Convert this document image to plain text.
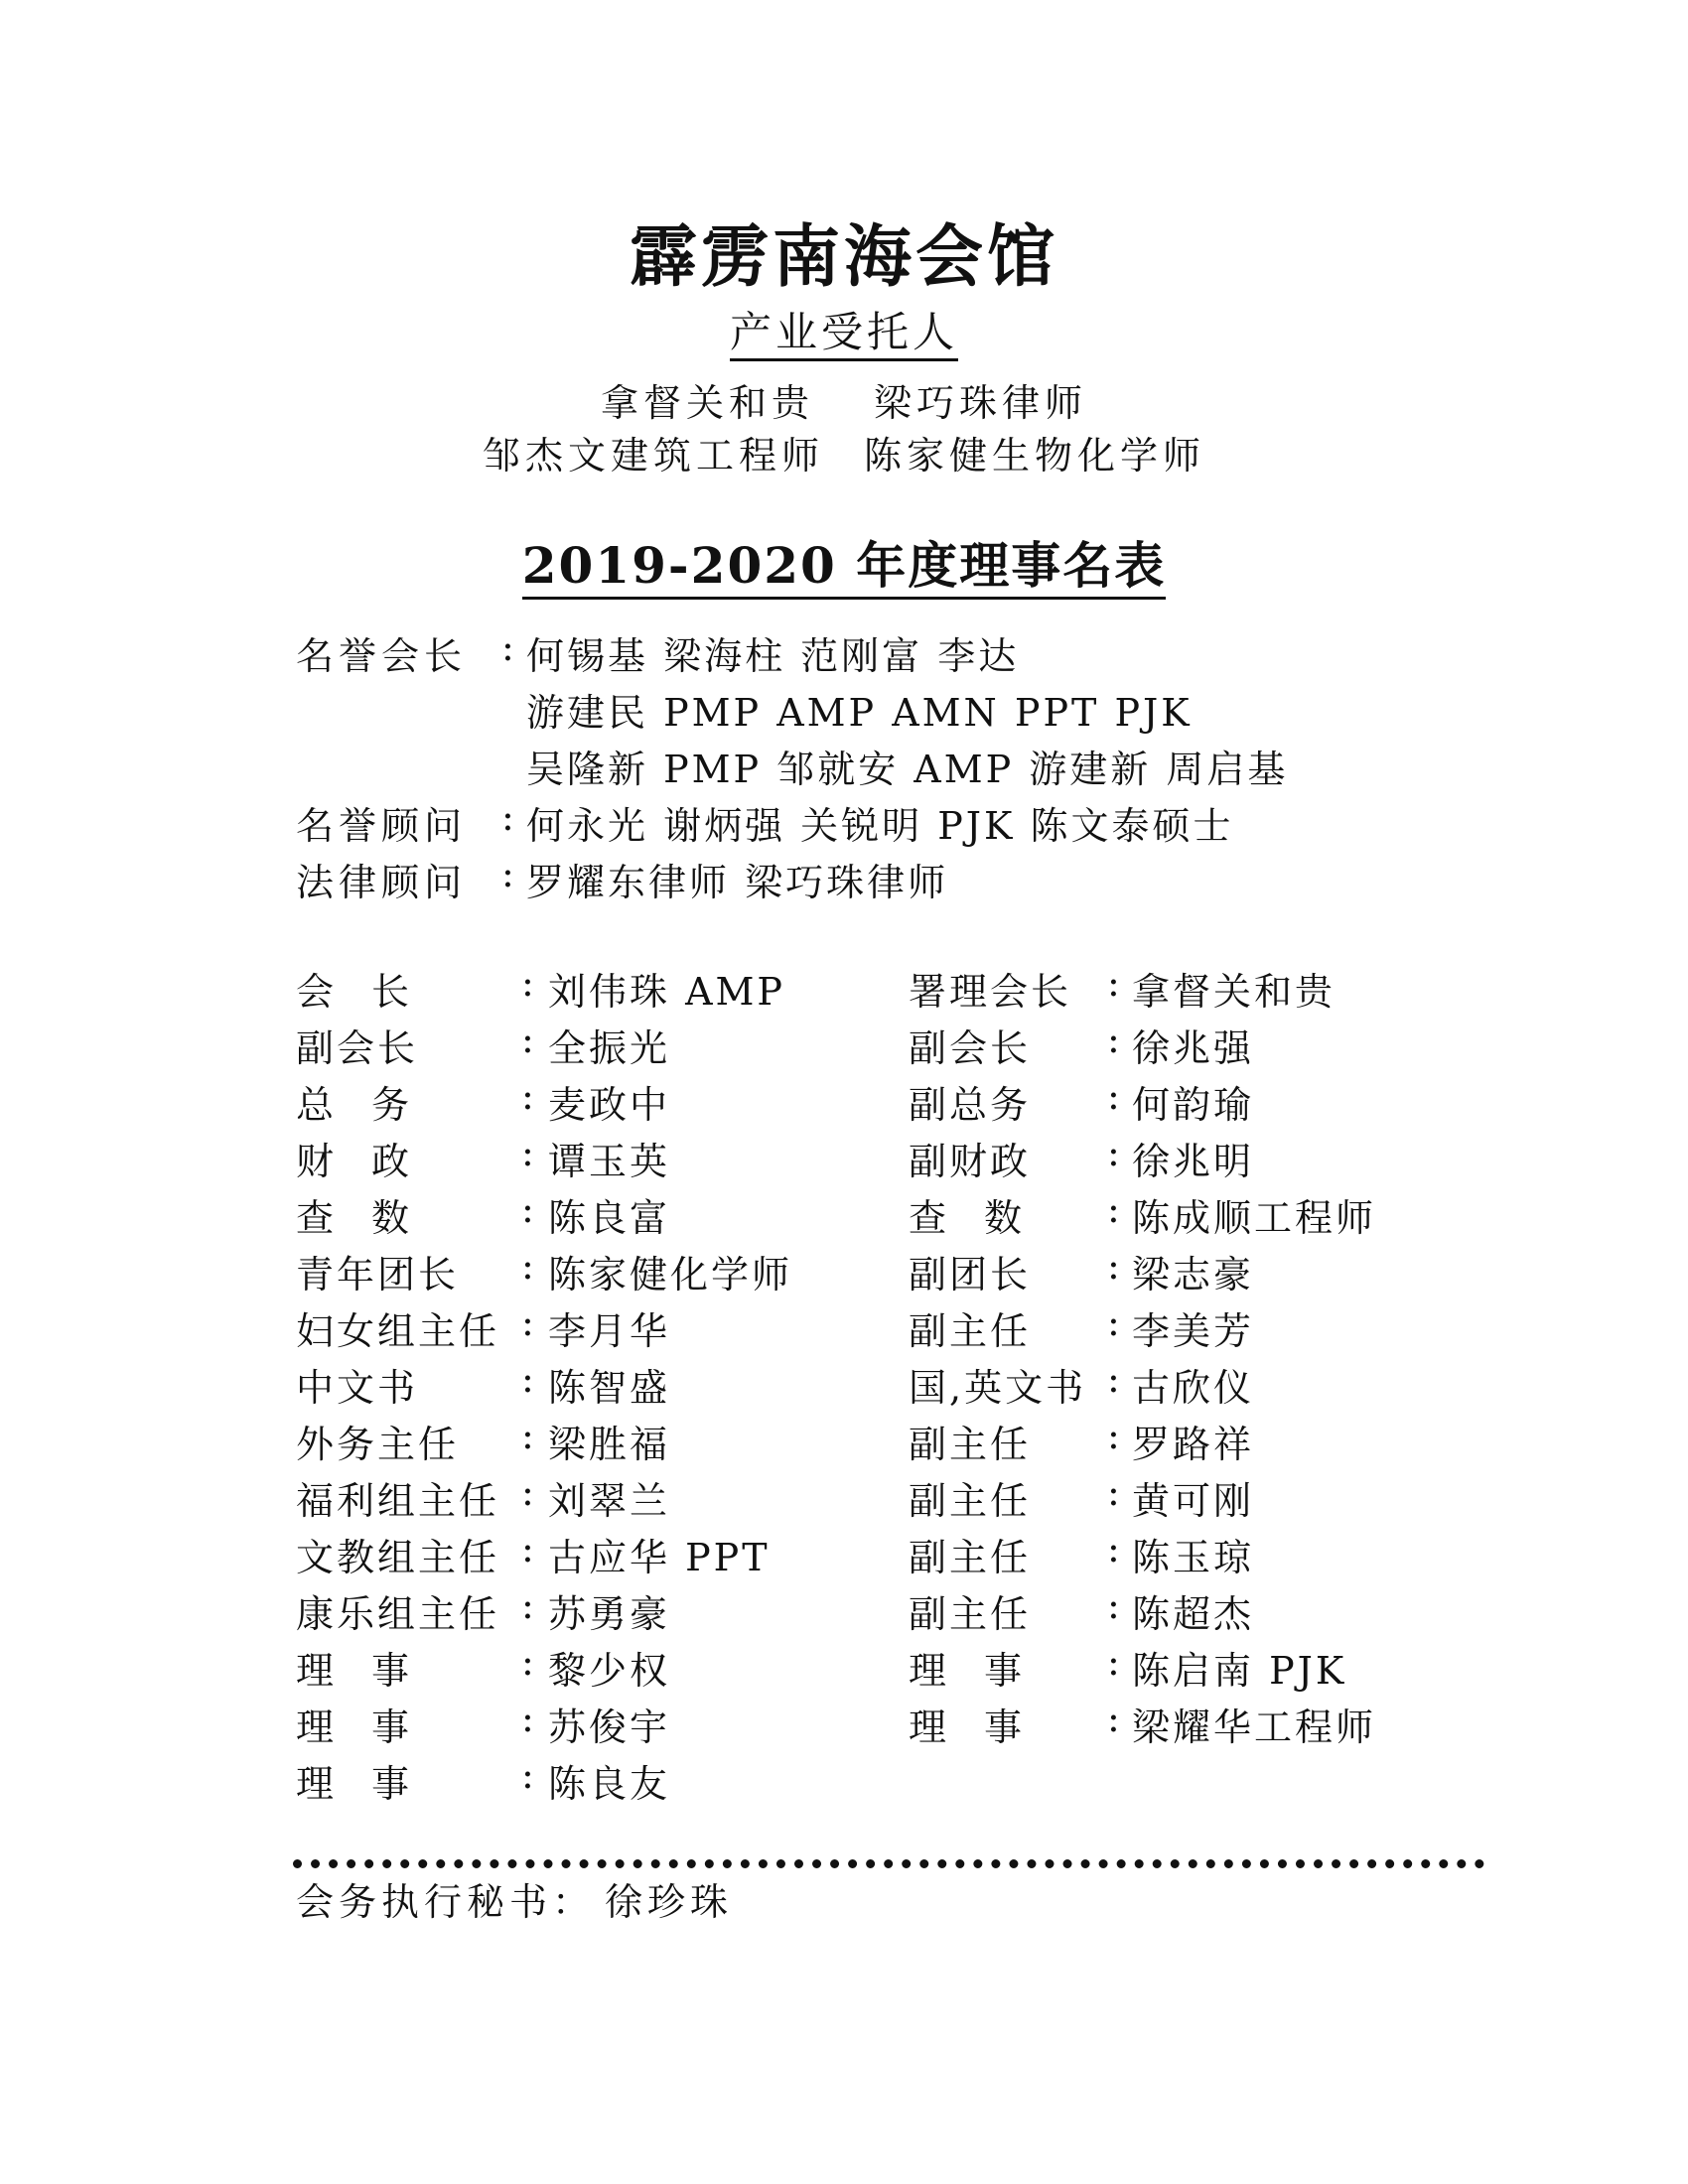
霹雳南海会馆
产业受托人
拿督关和贵 梁巧珠律师
邹杰文建筑工程师 陈家健生物化学师
2019-2020 年度理事名表
名誉会长 : 何锡基 梁海柱 范刚富 李达
游建民 PMP AMP AMN PPT PJK
吴隆新 PMP 邹就安 AMP 游建新 周启基
名誉顾问 : 何永光 谢炳强 关锐明 PJK 陈文泰硕士
法律顾问 : 罗耀东律师 梁巧珠律师
会长 : 刘伟珠 AMP	署理会长 : 拿督关和贵
副会长	: 全振光	副会长 : 徐兆强
总务 : 麦政中	副总务 : 何韵瑜
财政 : 谭玉英	副财政 : 徐兆明
查数 : 陈良富	查数 : 陈成顺工程师
青年团长 : 陈家健化学师	副团长 : 梁志豪
妇女组主任 : 李月华	副主任 : 李美芳
中文书	: 陈智盛	国,英文书 : 古欣仪
外务主任 : 梁胜福	副主任 : 罗路祥
福利组主任 : 刘翠兰	副主任 : 黄可刚
文教组主任 : 古应华 PPT	副主任 : 陈玉琼
康乐组主任 : 苏勇豪	副主任 : 陈超杰
理事 : 黎少权	理事 : 陈启南 PJK
理事 : 苏俊宇	理事 : 梁耀华工程师
理事 : 陈良友
会务执行秘书： 徐珍珠
